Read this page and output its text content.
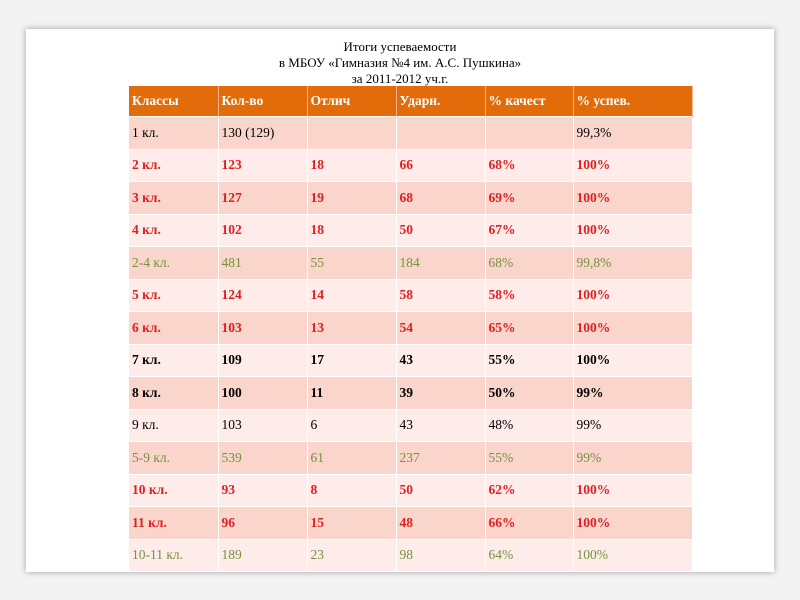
Итоги успеваемости
в МБОУ «Гимназия №4 им. А.С. Пушкина»
за 2011-2012 уч.г.
Классы	Кол-во	Отлич	Ударн.	% качест	% успев.
1 кл.	130 (129)				99,3%
2 кл.	123	18	66	68%	100%
3 кл.	127	19	68	69%	100%
4 кл.	102	18	50	67%	100%
2-4 кл.	481	55	184	68%	99,8%
5 кл.	124	14	58	58%	100%
6 кл.	103	13	54	65%	100%
7 кл.	109	17	43	55%	100%
8 кл.	100	11	39	50%	99%
9 кл.	103	6	43	48%	99%
5-9 кл.	539	61	237	55%	99%
10 кл.	93	8	50	62%	100%
11 кл.	96	15	48	66%	100%
10-11 кл.	189	23	98	64%	100%
